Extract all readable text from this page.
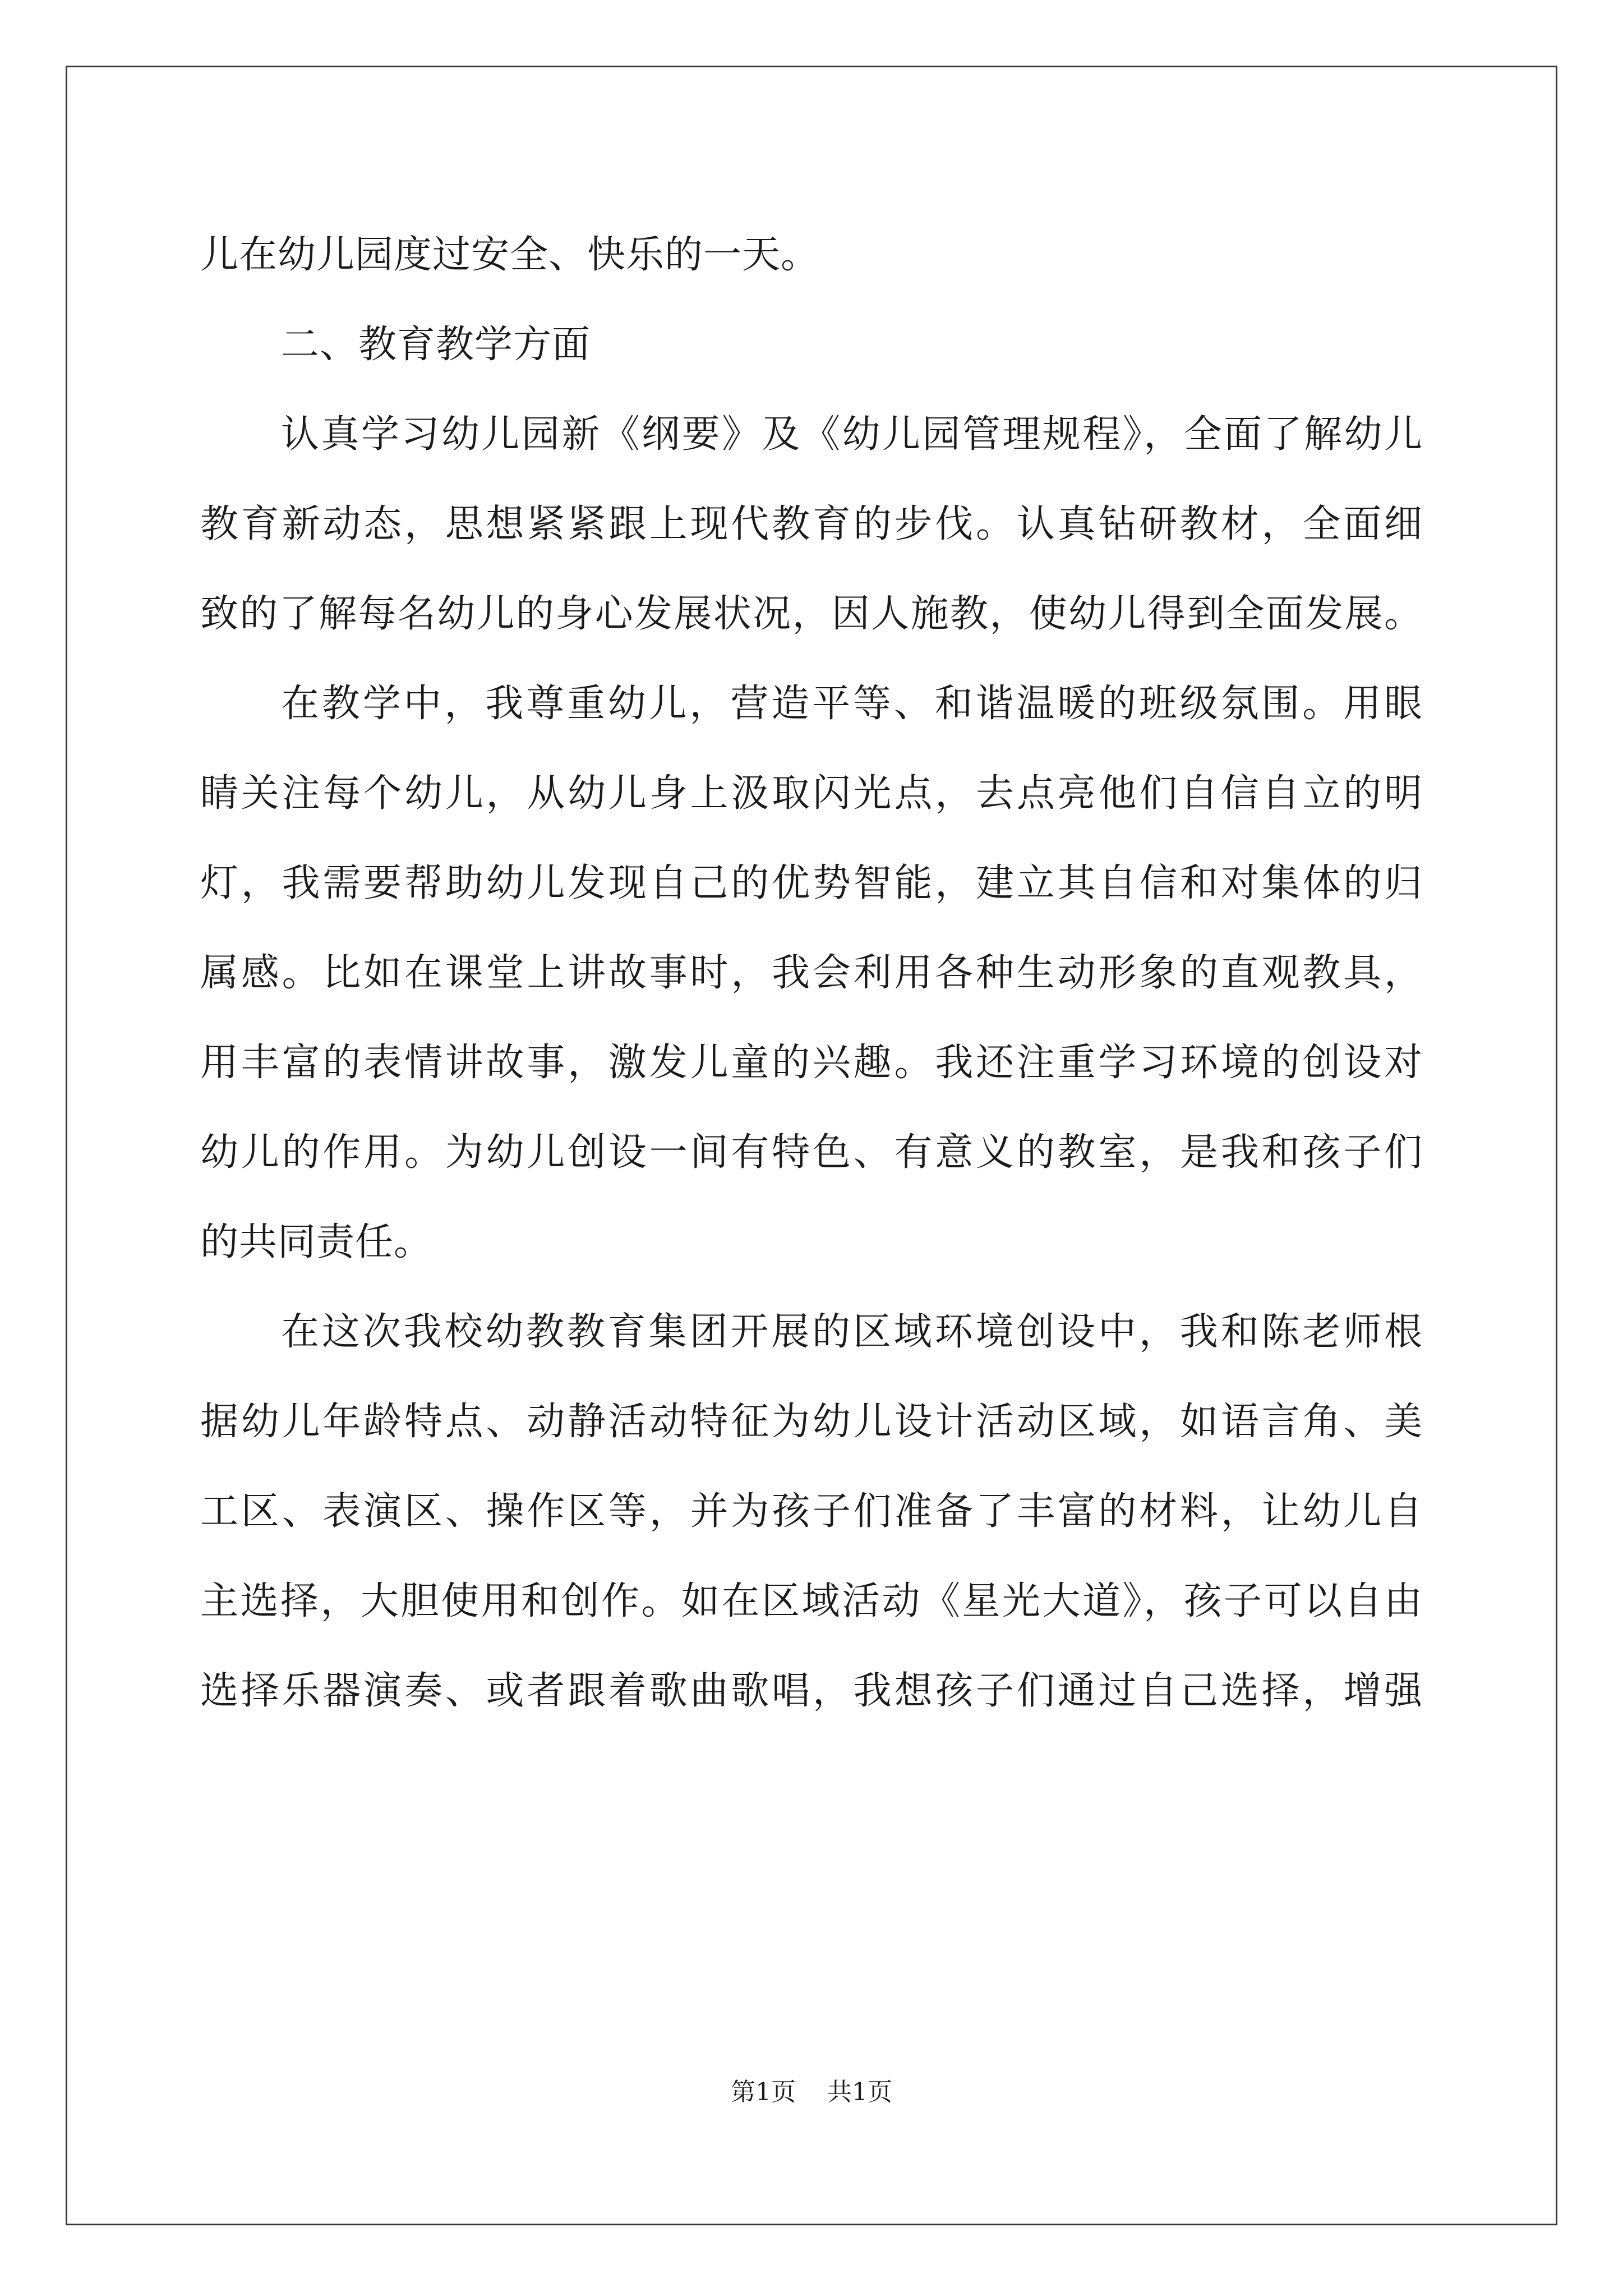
儿在幼儿园度过安全、快乐的一天。
二、教育教学方面
认真学习幼儿园新《纲要》及《幼儿园管理规程》，全面了解幼儿
教育新动态，思想紧紧跟上现代教育的步伐。认真钻研教材，全面细
致的了解每名幼儿的身心发展状况，因人施教，使幼儿得到全面发展。
在教学中，我尊重幼儿，营造平等、和谐温暖的班级氛围。用眼
睛关注每个幼儿，从幼儿身上汲取闪光点，去点亮他们自信自立的明
灯，我需要帮助幼儿发现自己的优势智能，建立其自信和对集体的归
属感。比如在课堂上讲故事时，我会利用各种生动形象的直观教具，
用丰富的表情讲故事，激发儿童的兴趣。我还注重学习环境的创设对
幼儿的作用。为幼儿创设一间有特色、有意义的教室，是我和孩子们
的共同责任。
在这次我校幼教教育集团开展的区域环境创设中，我和陈老师根
据幼儿年龄特点、动静活动特征为幼儿设计活动区域，如语言角、美
工区、表演区、操作区等，并为孩子们准备了丰富的材料，让幼儿自
主选择，大胆使用和创作。如在区域活动《星光大道》，孩子可以自由
选择乐器演奏、或者跟着歌曲歌唱，我想孩子们通过自己选择，增强
第1页 共1页
